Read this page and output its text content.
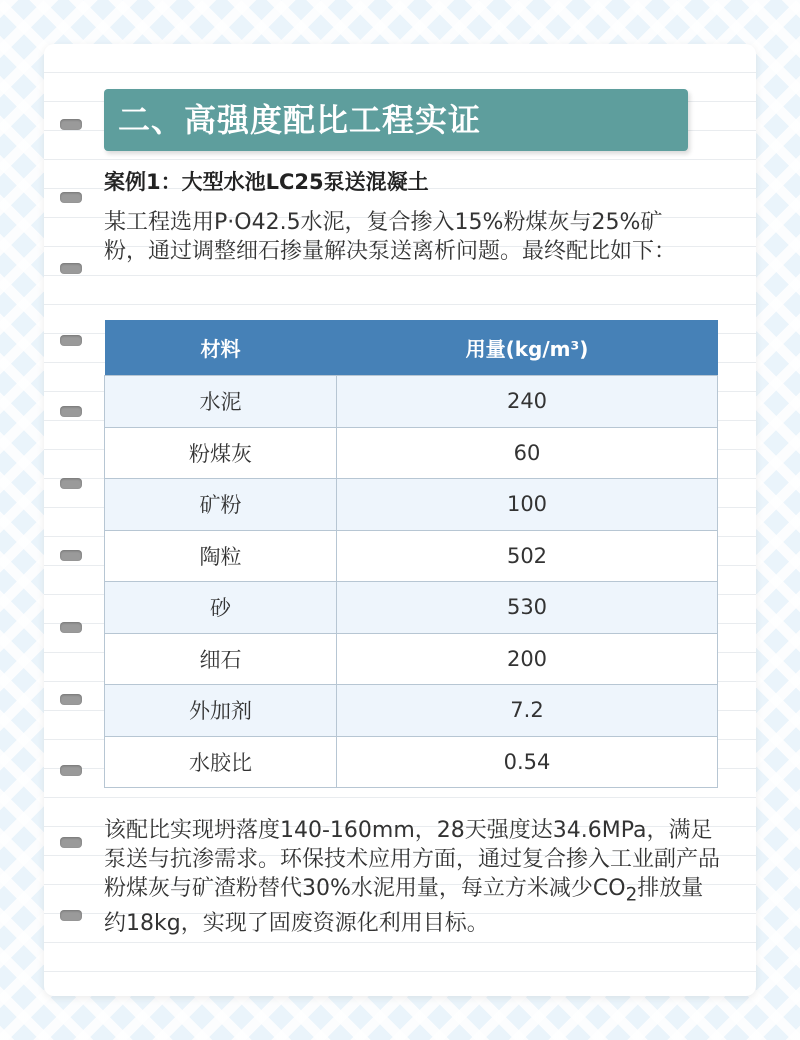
二、高强度配比工程实证
案例1：大型水池LC25泵送混凝土
某工程选用P·O42.5水泥，复合掺入15%粉煤灰与25%矿粉，通过调整细石掺量解决泵送离析问题。最终配比如下：
材料	用量(kg/m³)
水泥	240
粉煤灰	60
矿粉	100
陶粒	502
砂	530
细石	200
外加剂	7.2
水胶比	0.54

该配比实现坍落度140-160mm，28天强度达34.6MPa，满足泵送与抗渗需求。环保技术应用方面，通过复合掺入工业副产品粉煤灰与矿渣粉替代30%水泥用量，每立方米减少$CO_2$排放量约18kg，实现了固废资源化利用目标。
